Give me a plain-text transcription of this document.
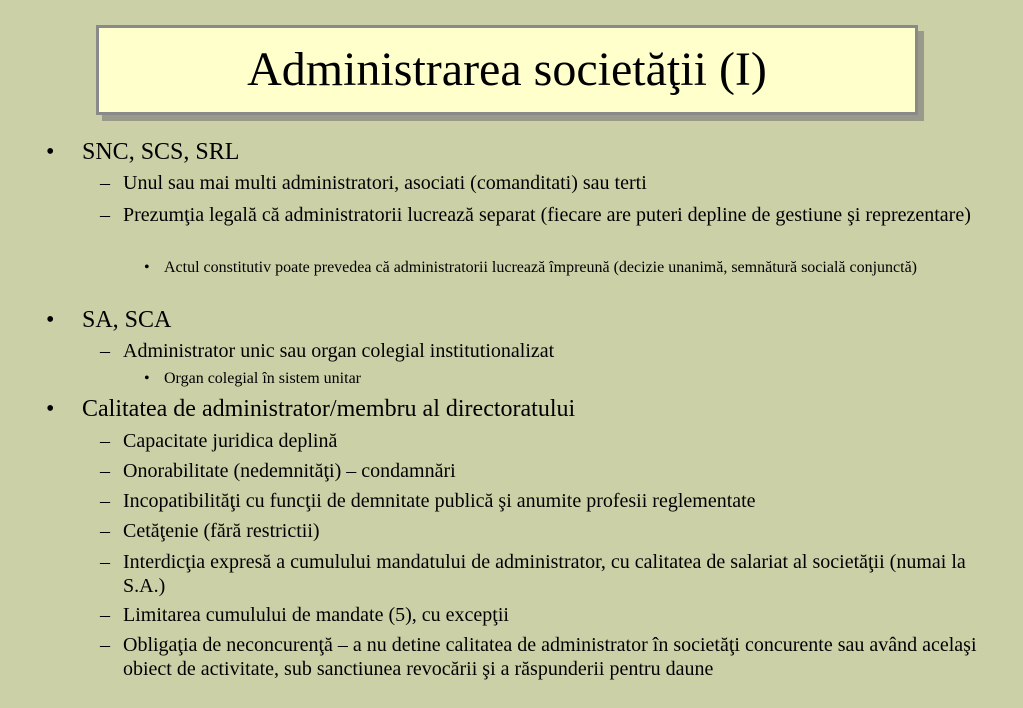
Administrarea societăţii (I)
• SNC, SCS, SRL
– Unul sau mai multi administratori, asociati (comanditati) sau terti
– Prezumţia legală că administratorii lucrează separat (fiecare are puteri depline de gestiune şi reprezentare)
• Actul constitutiv poate prevedea că administratorii lucrează împreună (decizie unanimă, semnătură socială conjunctă)
• SA, SCA
– Administrator unic sau organ colegial institutionalizat
• Organ colegial în sistem unitar
• Calitatea de administrator/membru al directoratului
– Capacitate juridica deplină
– Onorabilitate (nedemnităţi) – condamnări
– Incopatibilităţi cu funcţii de demnitate publică şi anumite profesii reglementate
– Cetăţenie (fără restrictii)
– Interdicţia expresă a cumulului mandatului de administrator, cu calitatea de salariat al societăţii (numai la S.A.)
– Limitarea cumulului de mandate (5), cu excepţii
– Obligaţia de neconcurenţă – a nu detine calitatea de administrator în societăţi concurente sau având acelaşi obiect de activitate, sub sanctiunea revocării şi a răspunderii pentru daune
